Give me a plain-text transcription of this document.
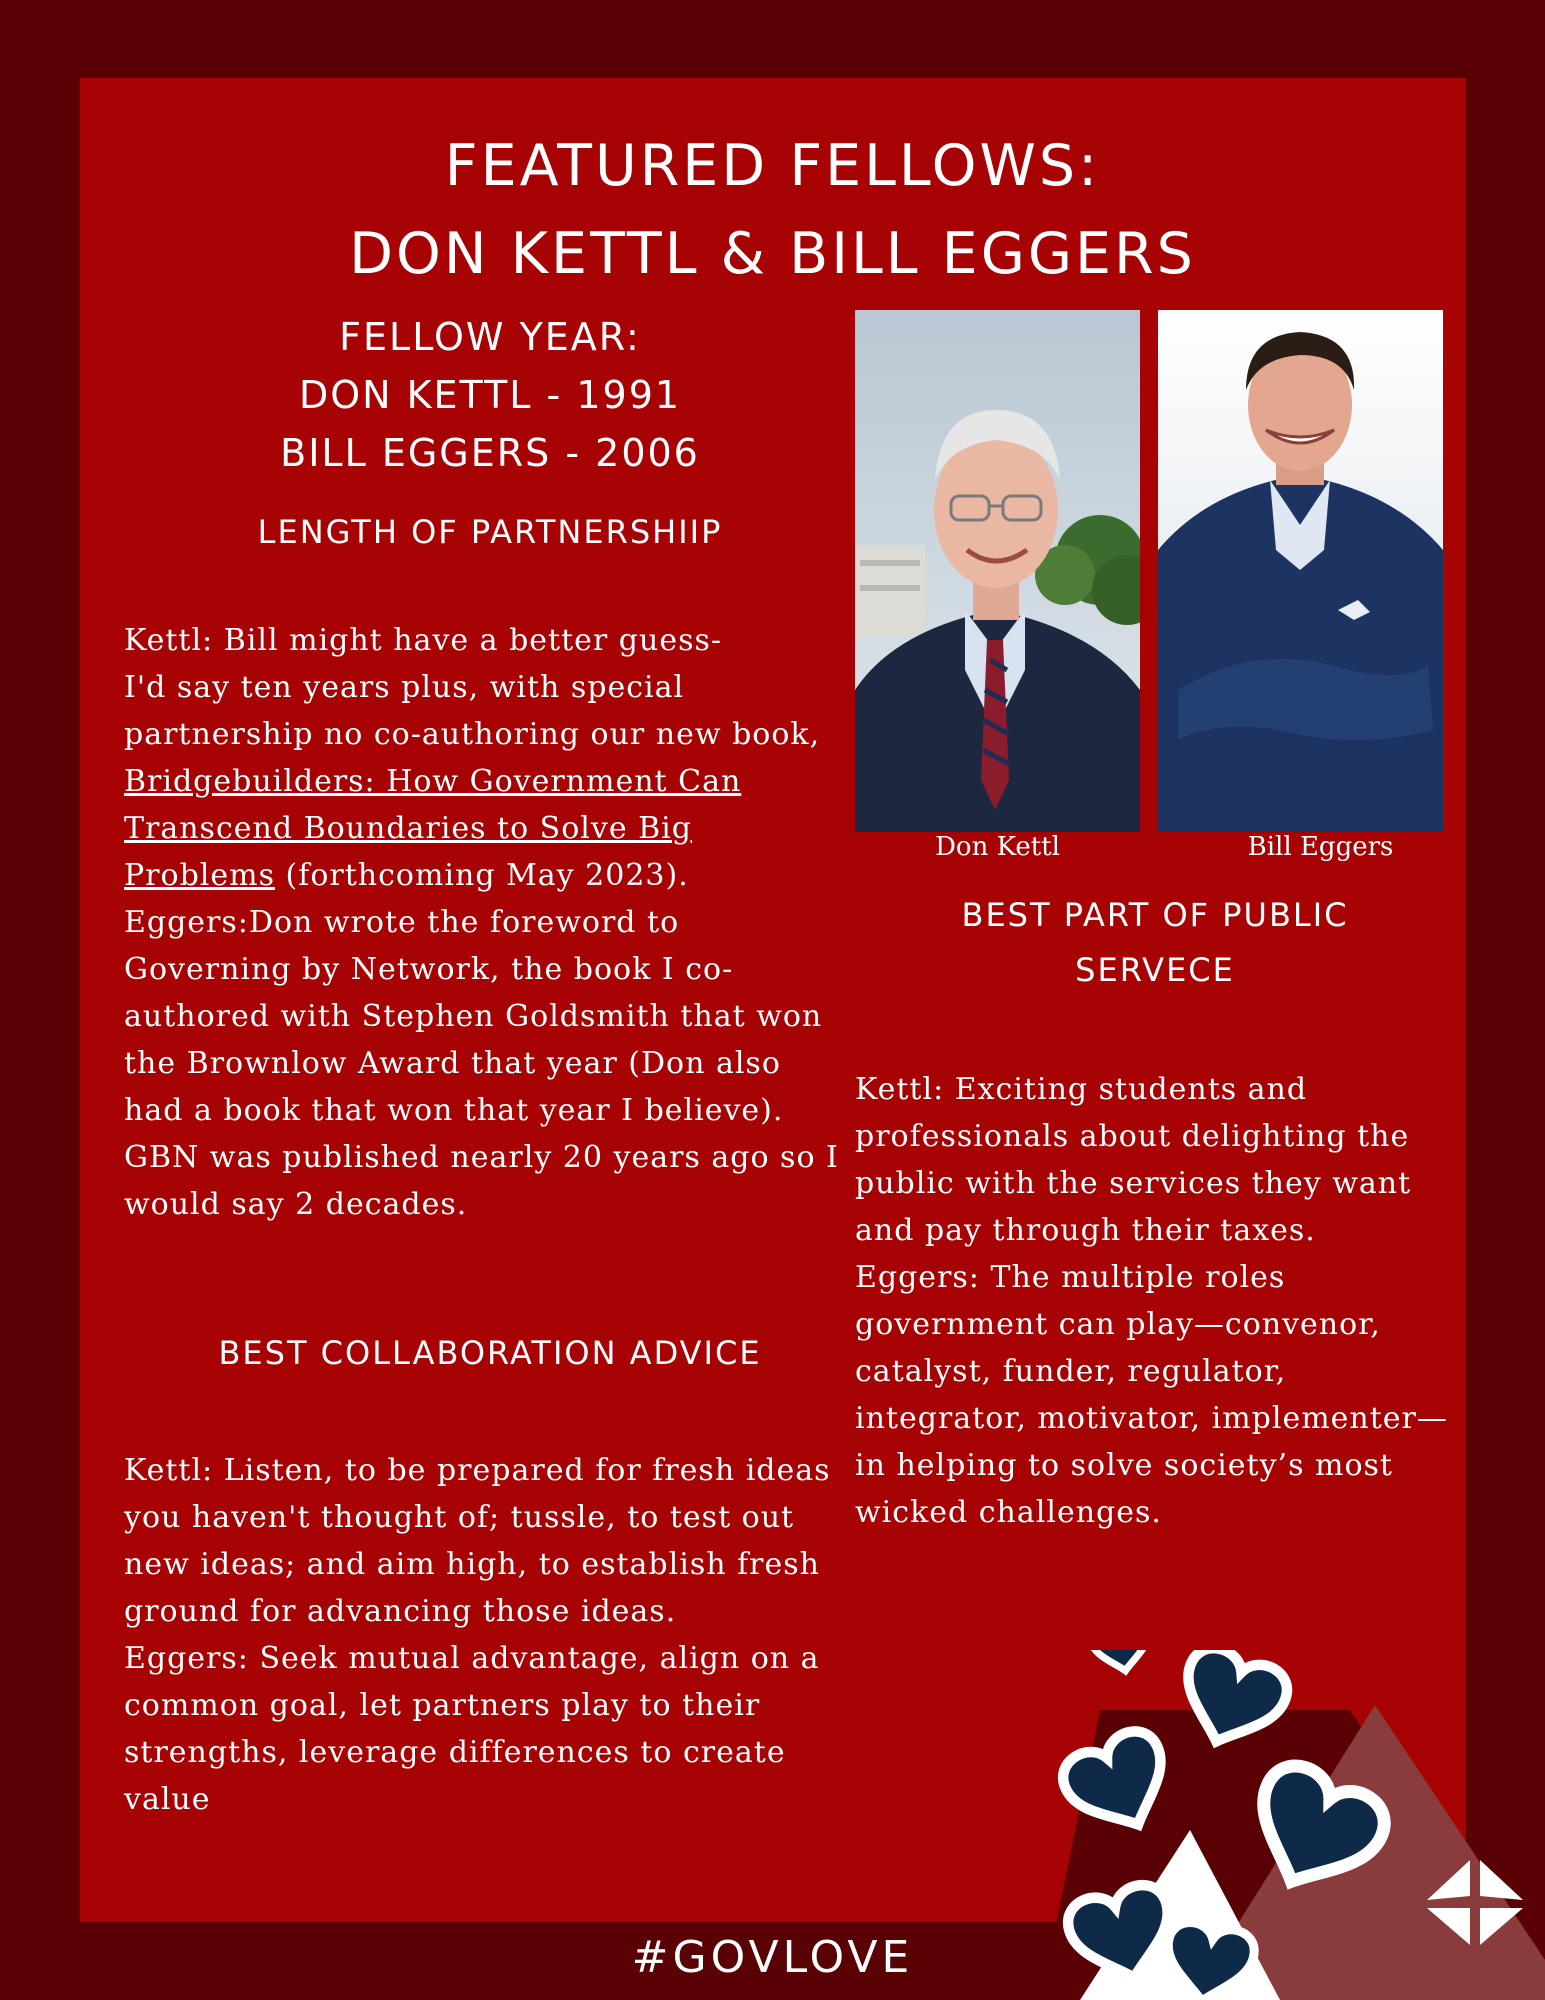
FEATURED FELLOWS:
DON KETTL & BILL EGGERS
FELLOW YEAR:
DON KETTL - 1991
BILL EGGERS - 2006
LENGTH OF PARTNERSHIIP

Kettl: Bill might have a better guess-
I'd say ten years plus, with special partnership no co-authoring our new book, Bridgebuilders: How Government Can Transcend Boundaries to Solve Big Problems (forthcoming May 2023).
Eggers:Don wrote the foreword to Governing by Network, the book I co-authored with Stephen Goldsmith that won the Brownlow Award that year (Don also had a book that won that year I believe). GBN was published nearly 20 years ago so I would say 2 decades.

BEST COLLABORATION ADVICE

Kettl: Listen, to be prepared for fresh ideas you haven't thought of; tussle, to test out new ideas; and aim high, to establish fresh ground for advancing those ideas.
Eggers: Seek mutual advantage, align on a common goal, let partners play to their strengths, leverage differences to create value

Don Kettl	Bill Eggers
BEST PART OF PUBLIC
SERVECE

Kettl: Exciting students and professionals about delighting the public with the services they want and pay through their taxes.
Eggers: The multiple roles government can play—convenor, catalyst, funder, regulator, integrator, motivator, implementer—in helping to solve society’s most wicked challenges.

#GOVLOVE
